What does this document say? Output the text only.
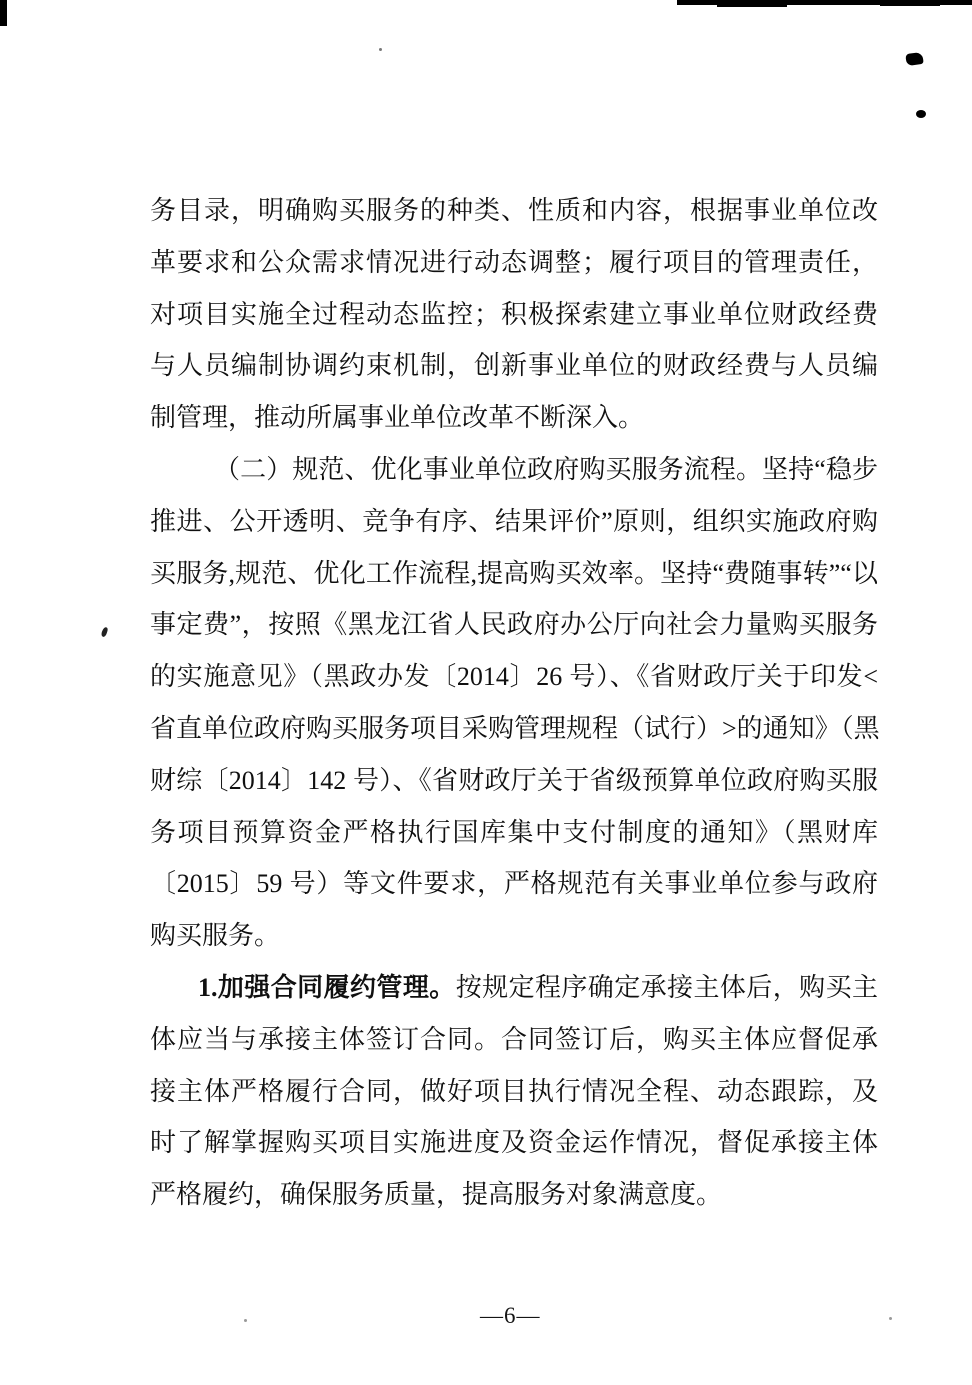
务目录，明确购买服务的种类、性质和内容，根据事业单位改
革要求和公众需求情况进行动态调整；履行项目的管理责任，
对项目实施全过程动态监控；积极探索建立事业单位财政经费
与人员编制协调约束机制，创新事业单位的财政经费与人员编
制管理，推动所属事业单位改革不断深入。
（二）规范、优化事业单位政府购买服务流程。坚持“稳步
推进、公开透明、竞争有序、结果评价”原则，组织实施政府购
买服务,规范、优化工作流程,提高购买效率。坚持“费随事转”“以
事定费”，按照《黑龙江省人民政府办公厅向社会力量购买服务
的实施意见》（黑政办发〔2014〕26 号）、《省财政厅关于印发<
省直单位政府购买服务项目采购管理规程（试行）>的通知》（黑
财综〔2014〕142 号）、《省财政厅关于省级预算单位政府购买服
务项目预算资金严格执行国库集中支付制度的通知》（黑财库
〔2015〕59 号）等文件要求，严格规范有关事业单位参与政府
购买服务。
1.加强合同履约管理。按规定程序确定承接主体后，购买主
体应当与承接主体签订合同。合同签订后，购买主体应督促承
接主体严格履行合同，做好项目执行情况全程、动态跟踪，及
时了解掌握购买项目实施进度及资金运作情况，督促承接主体
严格履约，确保服务质量，提高服务对象满意度。
—6—
